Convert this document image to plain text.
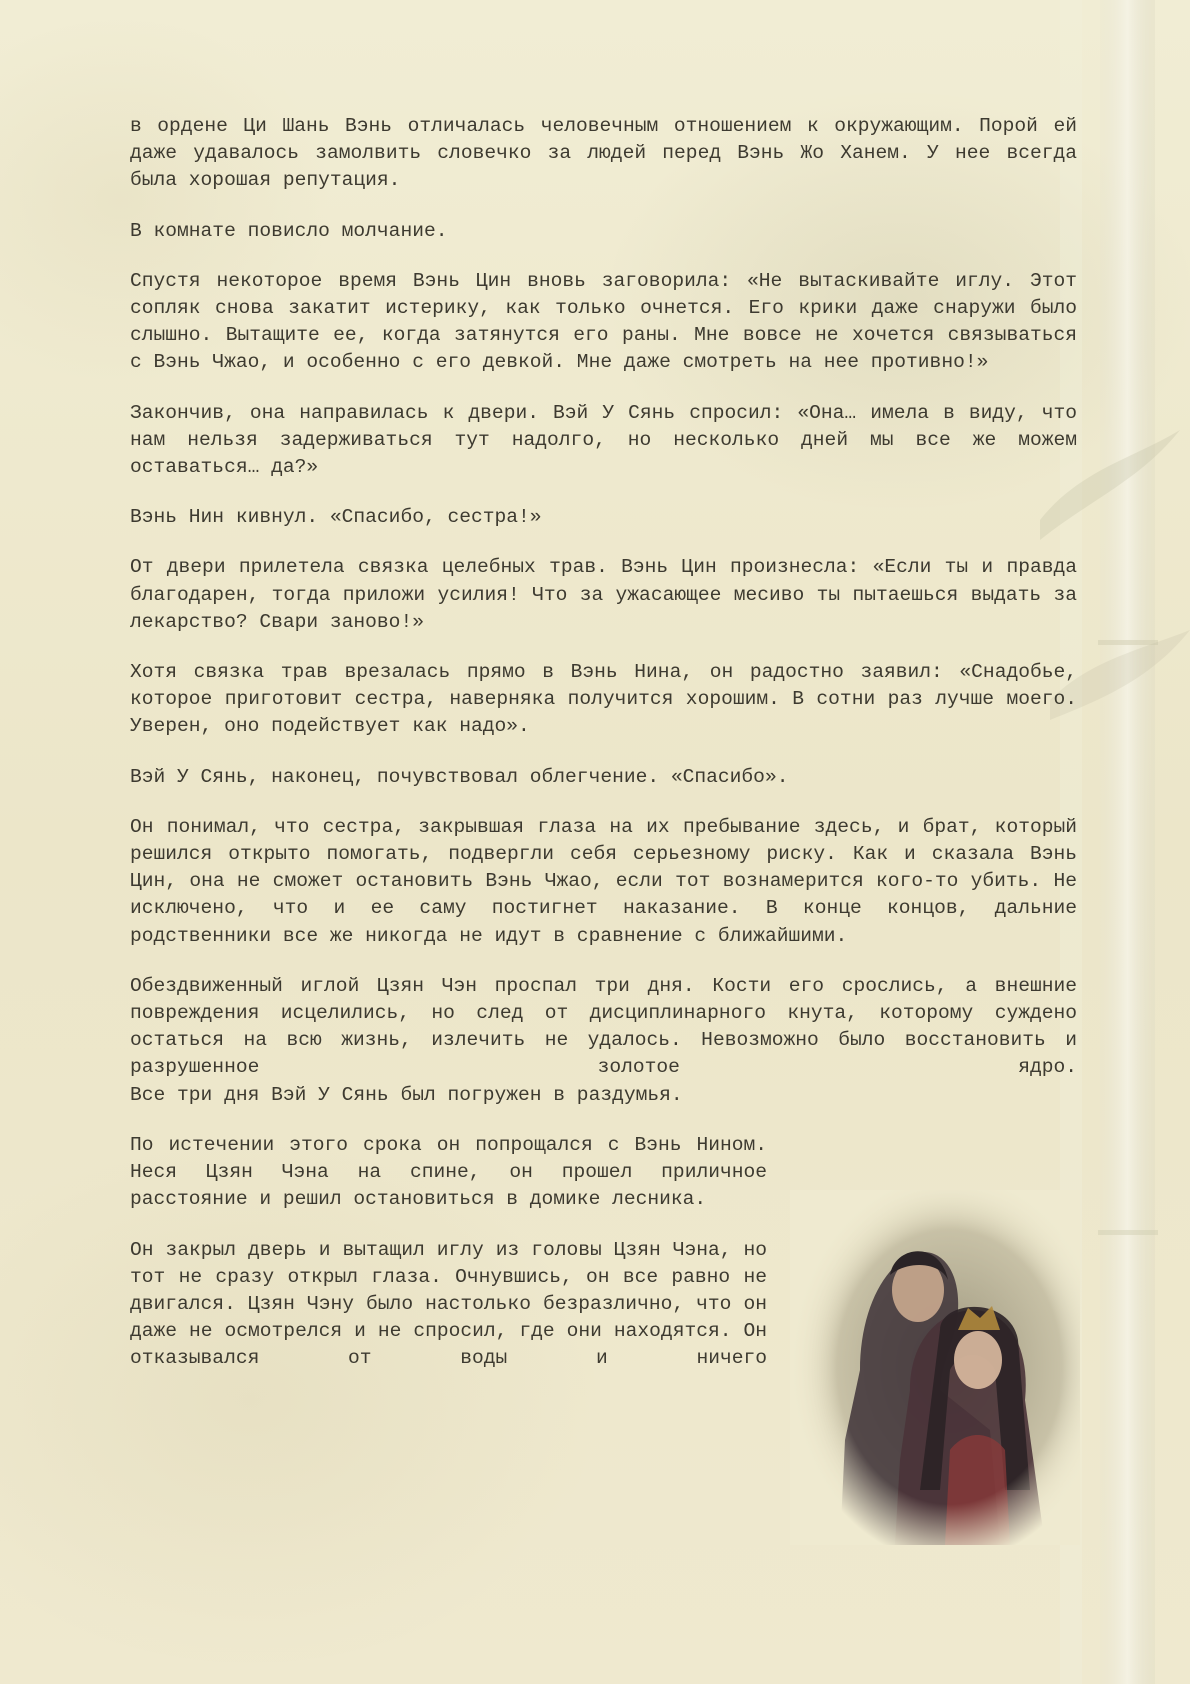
в ордене Ци Шань Вэнь отличалась человечным отношением к окружающим. Порой ей даже удавалось замолвить словечко за людей перед Вэнь Жо Ханем. У нее всегда была хорошая репутация.

В комнате повисло молчание.

Спустя некоторое время Вэнь Цин вновь заговорила: «Не вытаскивайте иглу. Этот сопляк снова закатит истерику, как только очнется. Его крики даже снаружи было слышно. Вытащите ее, когда затянутся его раны. Мне вовсе не хочется связываться с Вэнь Чжао, и особенно с его девкой. Мне даже смотреть на нее противно!»

Закончив, она направилась к двери. Вэй У Сянь спросил: «Она… имела в виду, что нам нельзя задерживаться тут надолго, но несколько дней мы все же можем оставаться… да?»

Вэнь Нин кивнул. «Спасибо, сестра!»

От двери прилетела связка целебных трав. Вэнь Цин произнесла: «Если ты и правда благодарен, тогда приложи усилия! Что за ужасающее месиво ты пытаешься выдать за лекарство? Свари заново!»

Хотя связка трав врезалась прямо в Вэнь Нина, он радостно заявил: «Снадобье, которое приготовит сестра, наверняка получится хорошим. В сотни раз лучше моего. Уверен, оно подействует как надо».

Вэй У Сянь, наконец, почувствовал облегчение. «Спасибо».

Он понимал, что сестра, закрывшая глаза на их пребывание здесь, и брат, который решился открыто помогать, подвергли себя серьезному риску. Как и сказала Вэнь Цин, она не сможет остановить Вэнь Чжао, если тот вознамерится кого-то убить. Не исключено, что и ее саму постигнет наказание. В конце концов, дальние родственники все же никогда не идут в сравнение с ближайшими.

Обездвиженный иглой Цзян Чэн проспал три дня. Кости его срослись, а внешние повреждения исцелились, но след от дисциплинарного кнута, которому суждено остаться на всю жизнь, излечить не удалось. Невозможно было восстановить и разрушенное золотое ядро.

Все три дня Вэй У Сянь был погружен в раздумья.

По истечении этого срока он попрощался с Вэнь Нином. Неся Цзян Чэна на спине, он прошел приличное расстояние и решил остановиться в домике лесника.

Он закрыл дверь и вытащил иглу из головы Цзян Чэна, но тот не сразу открыл глаза. Очнувшись, он все равно не двигался. Цзян Чэну было настолько безразлично, что он даже не осмотрелся и не спросил, где они находятся. Он отказывался от воды и ничего
